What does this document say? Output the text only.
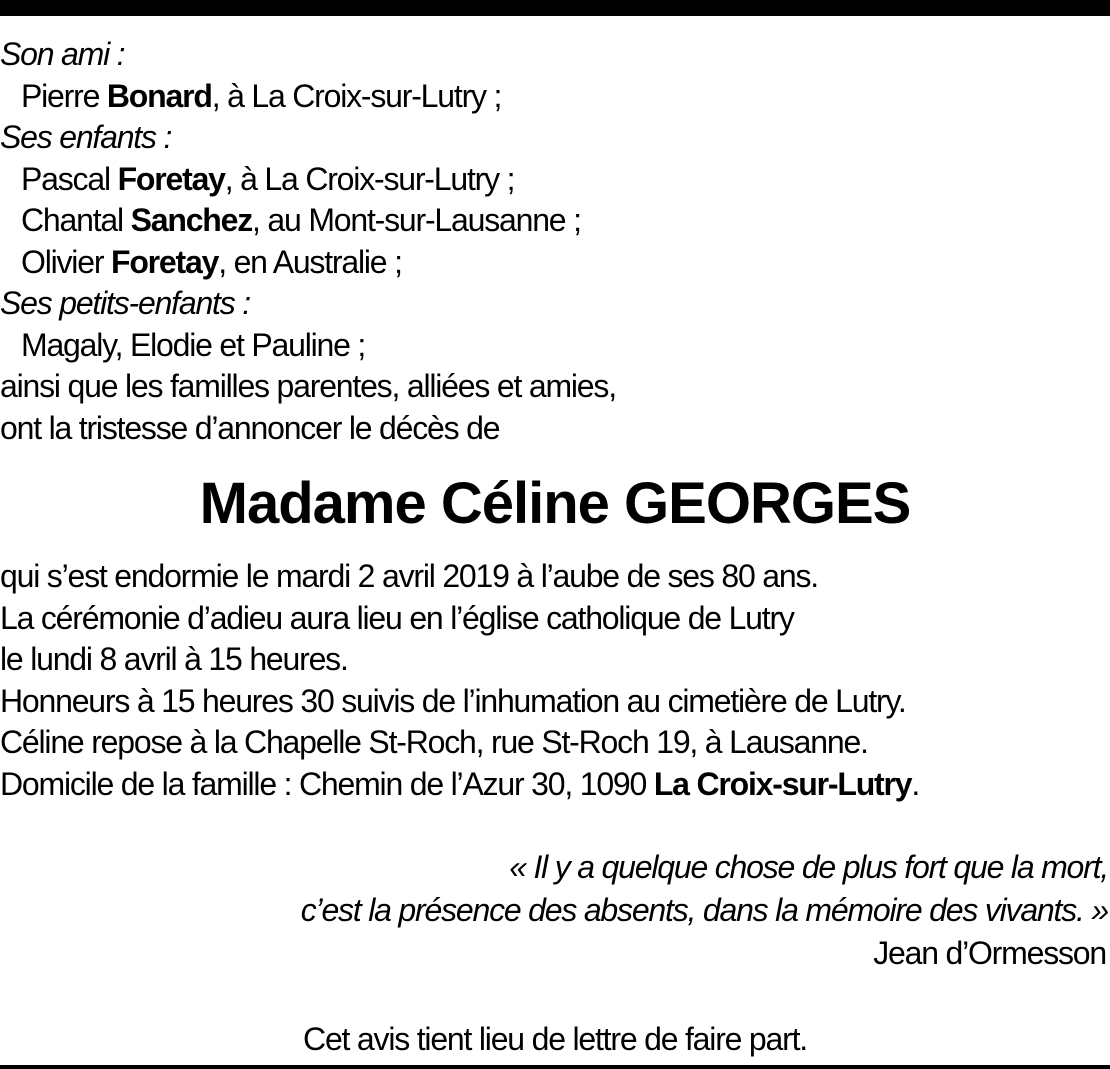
Son ami :
Pierre Bonard, à La Croix-sur-Lutry ;
Ses enfants :
Pascal Foretay, à La Croix-sur-Lutry ;
Chantal Sanchez, au Mont-sur-Lausanne ;
Olivier Foretay, en Australie ;
Ses petits-enfants :
Magaly, Elodie et Pauline ;
ainsi que les familles parentes, alliées et amies,
ont la tristesse d’annoncer le décès de
Madame Céline GEORGES
qui s’est endormie le mardi 2 avril 2019 à l’aube de ses 80 ans.
La cérémonie d’adieu aura lieu en l’église catholique de Lutry
le lundi 8 avril à 15 heures.
Honneurs à 15 heures 30 suivis de l’inhumation au cimetière de Lutry.
Céline repose à la Chapelle St-Roch, rue St-Roch 19, à Lausanne.
Domicile de la famille : Chemin de l’Azur 30, 1090 La Croix-sur-Lutry.
« Il y a quelque chose de plus fort que la mort,
c’est la présence des absents, dans la mémoire des vivants. »
Jean d’Ormesson
Cet avis tient lieu de lettre de faire part.
